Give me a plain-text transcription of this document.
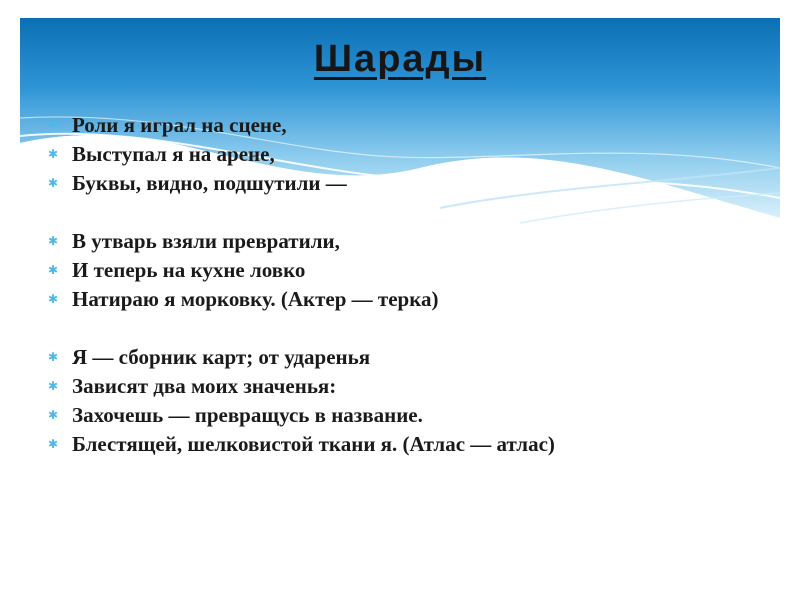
Шарады
✱ Роли я играл на сцене,
✱ Выступал я на арене,
✱ Буквы, видно, подшутили —
✱ В утварь взяли превратили,
✱ И теперь на кухне ловко
✱ Натираю я морковку. (Актер — терка)
✱ Я — сборник карт; от ударенья
✱ Зависят два моих значенья:
✱ Захочешь — превращусь в название.
✱ Блестящей, шелковистой ткани я. (Атлас — атлас)
